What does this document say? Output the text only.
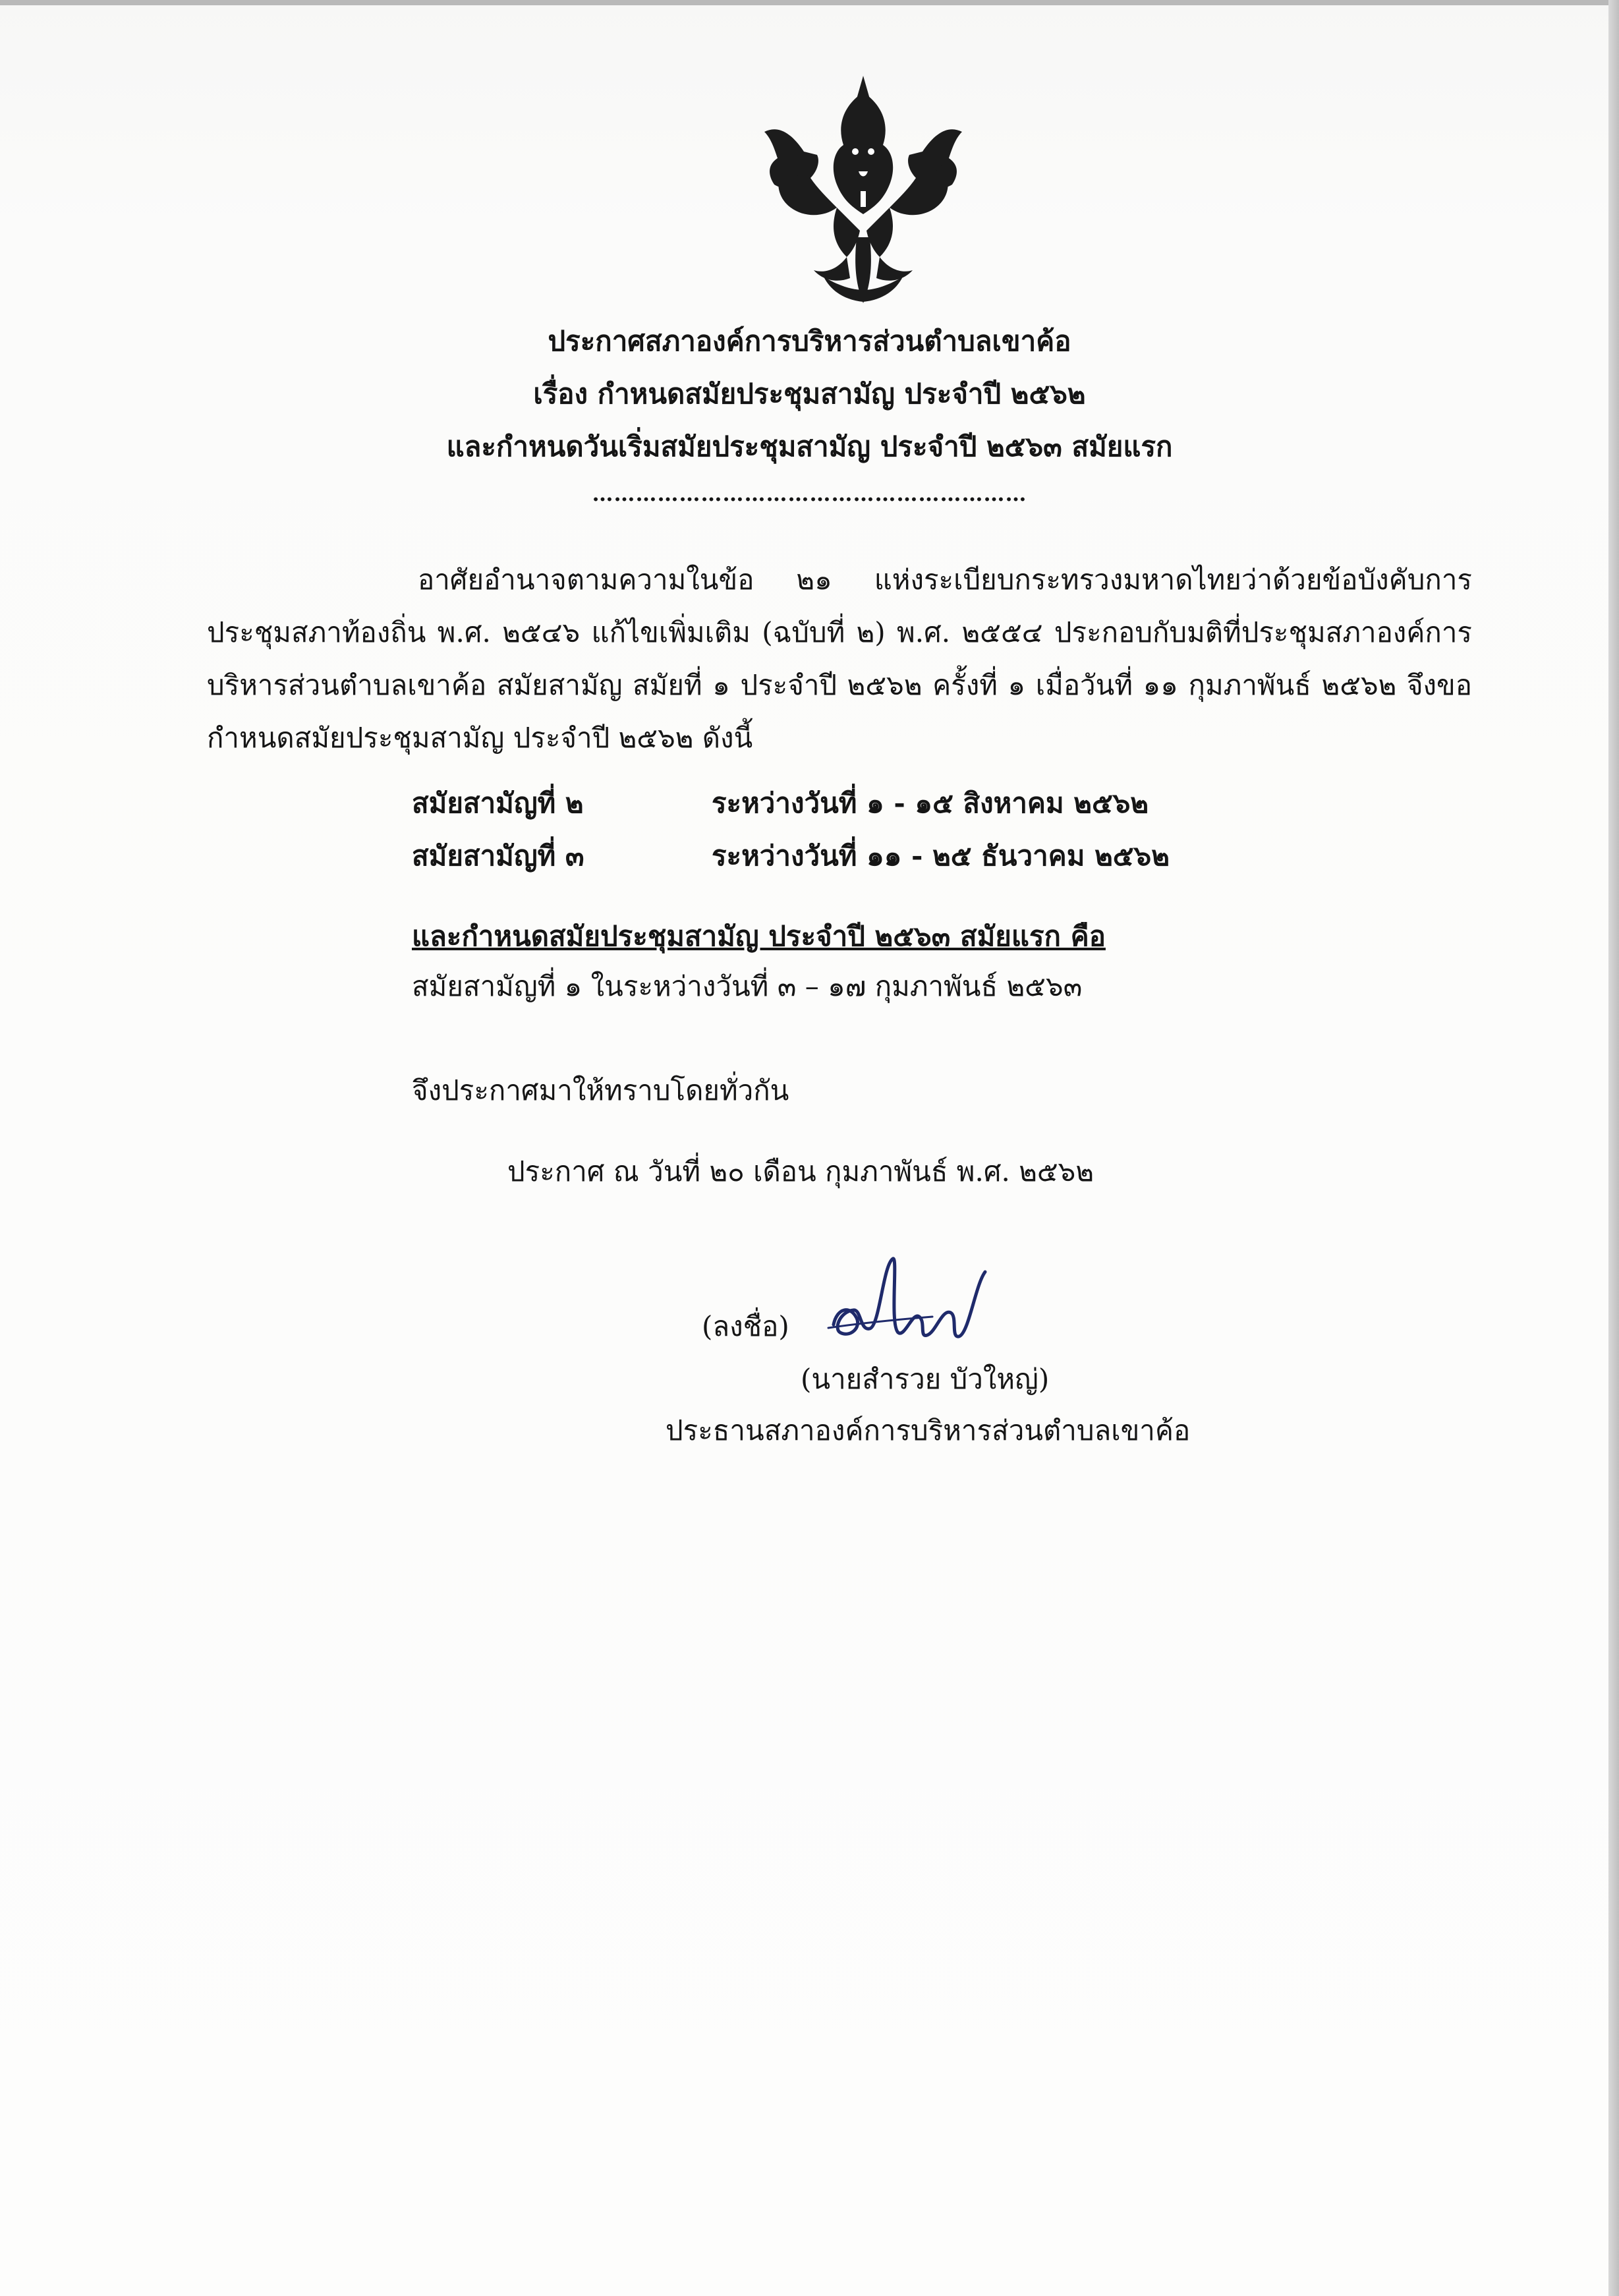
ประกาศสภาองค์การบริหารส่วนตำบลเขาค้อ
เรื่อง กำหนดสมัยประชุมสามัญ ประจำปี ๒๕๖๒
และกำหนดวันเริ่มสมัยประชุมสามัญ ประจำปี ๒๕๖๓ สมัยแรก
……………………………………………………
อาศัยอำนาจตามความในข้อ ๒๑ แห่งระเบียบกระทรวงมหาดไทยว่าด้วยข้อบังคับการประชุมสภาท้องถิ่น พ.ศ. ๒๕๔๖ แก้ไขเพิ่มเติม (ฉบับที่ ๒) พ.ศ. ๒๕๕๔ ประกอบกับมติที่ประชุมสภาองค์การบริหารส่วนตำบลเขาค้อ สมัยสามัญ สมัยที่ ๑ ประจำปี ๒๕๖๒ ครั้งที่ ๑ เมื่อวันที่ ๑๑ กุมภาพันธ์ ๒๕๖๒ จึงขอกำหนดสมัยประชุมสามัญ ประจำปี ๒๕๖๒ ดังนี้
สมัยสามัญที่ ๒	ระหว่างวันที่ ๑ - ๑๕ สิงหาคม ๒๕๖๒
สมัยสามัญที่ ๓	ระหว่างวันที่ ๑๑ - ๒๕ ธันวาคม ๒๕๖๒
และกำหนดสมัยประชุมสามัญ ประจำปี ๒๕๖๓ สมัยแรก คือ
สมัยสามัญที่ ๑ ในระหว่างวันที่ ๓ – ๑๗ กุมภาพันธ์ ๒๕๖๓
จึงประกาศมาให้ทราบโดยทั่วกัน
ประกาศ ณ วันที่ ๒๐ เดือน กุมภาพันธ์ พ.ศ. ๒๕๖๒
(ลงชื่อ)
(นายสำรวย บัวใหญ่)
ประธานสภาองค์การบริหารส่วนตำบลเขาค้อ
